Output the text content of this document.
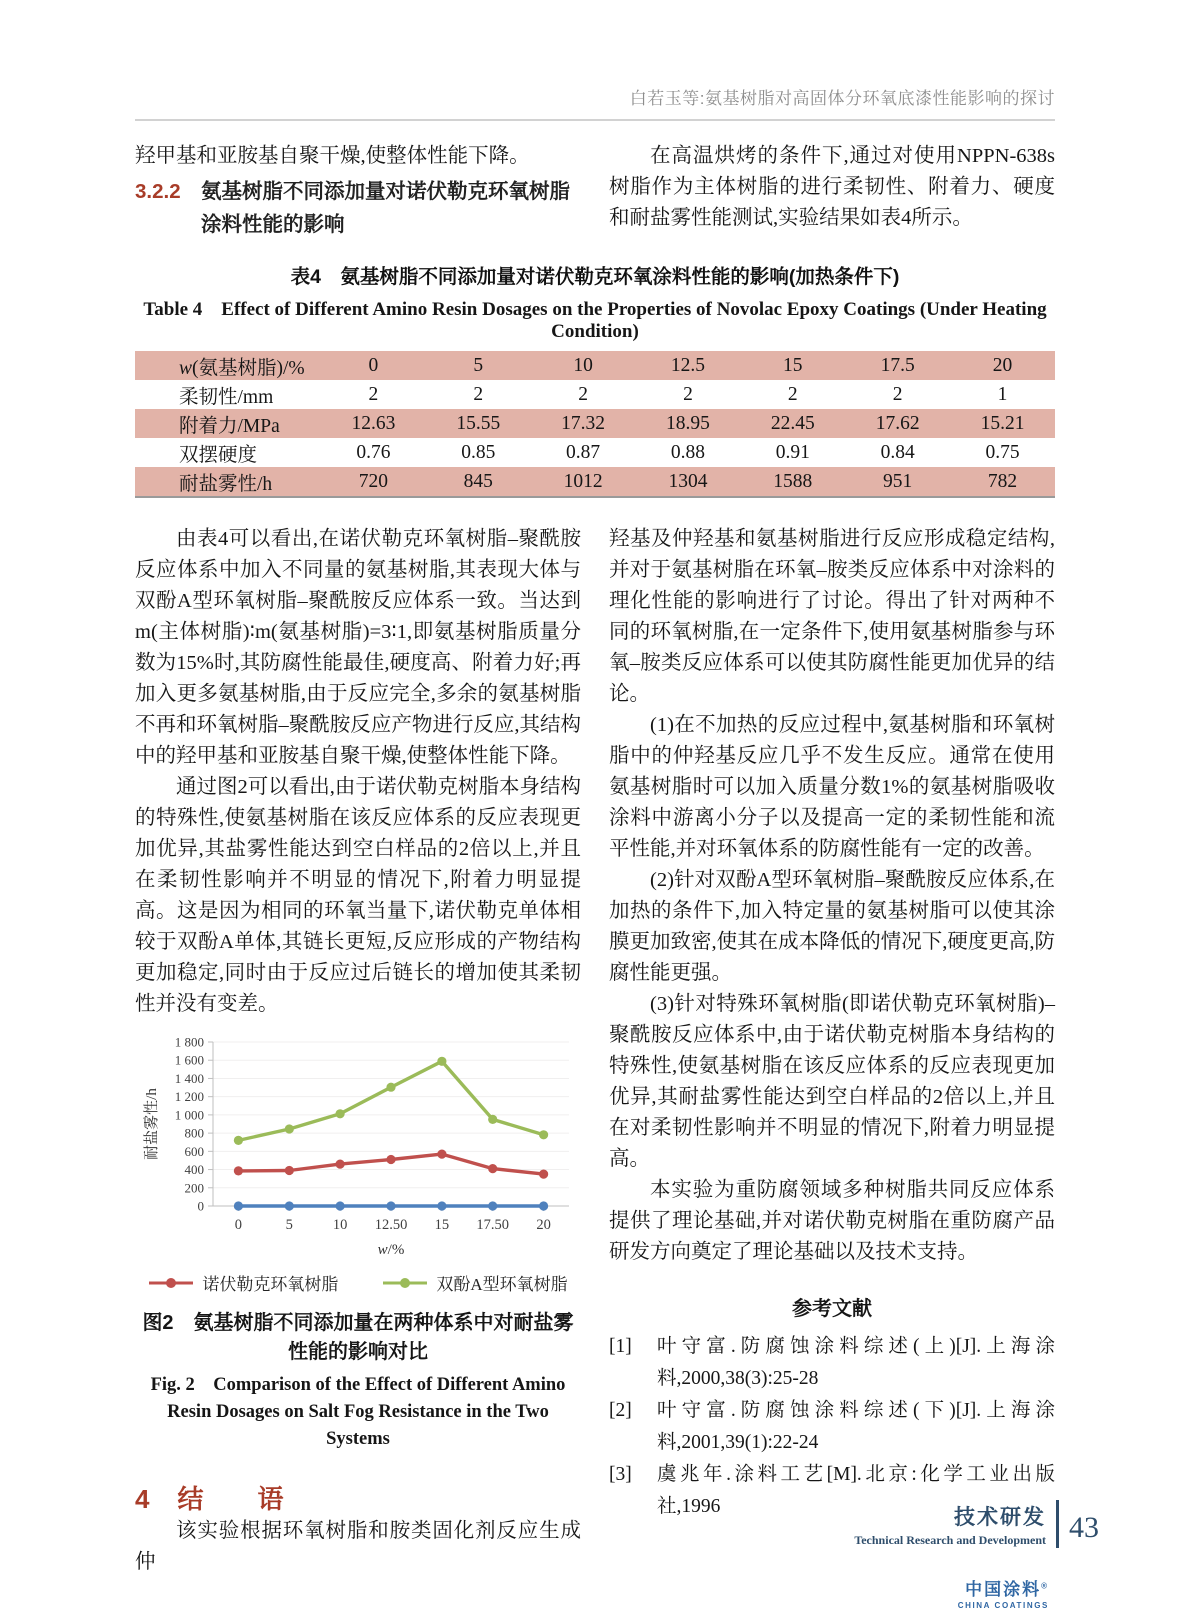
白若玉等:氨基树脂对高固体分环氧底漆性能影响的探讨

羟甲基和亚胺基自聚干燥,使整体性能下降。

3.2.2 氨基树脂不同添加量对诺伏勒克环氧树脂涂料性能的影响

在高温烘烤的条件下,通过对使用NPPN-638s树脂作为主体树脂的进行柔韧性、附着力、硬度和耐盐雾性能测试,实验结果如表4所示。

表4　氨基树脂不同添加量对诺伏勒克环氧涂料性能的影响(加热条件下)
Table 4　Effect of Different Amino Resin Dosages on the Properties of Novolac Epoxy Coatings (Under Heating Condition)
w(氨基树脂)/%	0	5	10	12.5	15	17.5	20
柔韧性/mm	2	2	2	2	2	2	1
附着力/MPa	12.63	15.55	17.32	18.95	22.45	17.62	15.21
双摆硬度	0.76	0.85	0.87	0.88	0.91	0.84	0.75
耐盐雾性/h	720	845	1012	1304	1588	951	782

由表4可以看出,在诺伏勒克环氧树脂–聚酰胺反应体系中加入不同量的氨基树脂,其表现大体与双酚A型环氧树脂–聚酰胺反应体系一致。当达到m(主体树脂)∶m(氨基树脂)=3∶1,即氨基树脂质量分数为15%时,其防腐性能最佳,硬度高、附着力好;再加入更多氨基树脂,由于反应完全,多余的氨基树脂不再和环氧树脂–聚酰胺反应产物进行反应,其结构中的羟甲基和亚胺基自聚干燥,使整体性能下降。

通过图2可以看出,由于诺伏勒克树脂本身结构的特殊性,使氨基树脂在该反应体系的反应表现更加优异,其盐雾性能达到空白样品的2倍以上,并且在柔韧性影响并不明显的情况下,附着力明显提高。这是因为相同的环氧当量下,诺伏勒克单体相较于双酚A单体,其链长更短,反应形成的产物结构更加稳定,同时由于反应过后链长的增加使其柔韧性并没有变差。

0
200
400
600
800
1 000
1 200
1 400
1 600
1 800
0	5	10 12.50 15 17.50 20
w/%
耐盐雾性/h
诺伏勒克环氧树脂	双酚A型环氧树脂
图2　氨基树脂不同添加量在两种体系中对耐盐雾性能的影响对比
Fig. 2　Comparison of the Effect of Different Amino Resin Dosages on Salt Fog Resistance in the Two Systems
4 结　语

该实验根据环氧树脂和胺类固化剂反应生成仲

羟基及仲羟基和氨基树脂进行反应形成稳定结构,并对于氨基树脂在环氧–胺类反应体系中对涂料的理化性能的影响进行了讨论。得出了针对两种不同的环氧树脂,在一定条件下,使用氨基树脂参与环氧–胺类反应体系可以使其防腐性能更加优异的结论。

(1)在不加热的反应过程中,氨基树脂和环氧树脂中的仲羟基反应几乎不发生反应。通常在使用氨基树脂时可以加入质量分数1%的氨基树脂吸收涂料中游离小分子以及提高一定的柔韧性能和流平性能,并对环氧体系的防腐性能有一定的改善。

(2)针对双酚A型环氧树脂–聚酰胺反应体系,在加热的条件下,加入特定量的氨基树脂可以使其涂膜更加致密,使其在成本降低的情况下,硬度更高,防腐性能更强。

(3)针对特殊环氧树脂(即诺伏勒克环氧树脂)–聚酰胺反应体系中,由于诺伏勒克树脂本身结构的特殊性,使氨基树脂在该反应体系的反应表现更加优异,其耐盐雾性能达到空白样品的2倍以上,并且在对柔韧性影响并不明显的情况下,附着力明显提高。

本实验为重防腐领域多种树脂共同反应体系提供了理论基础,并对诺伏勒克树脂在重防腐产品研发方向奠定了理论基础以及技术支持。

参考文献
[1]	叶守富.防腐蚀涂料综述(上)[J].上海涂料,2000,38(3):25-28
[2]	叶守富.防腐蚀涂料综述(下)[J].上海涂料,2001,39(1):22-24
[3]	虞兆年.涂料工艺[M].北京:化学工业出版社,1996
中国涂料®
CHINA COATINGS
技术研发
Technical Research and Development 43
